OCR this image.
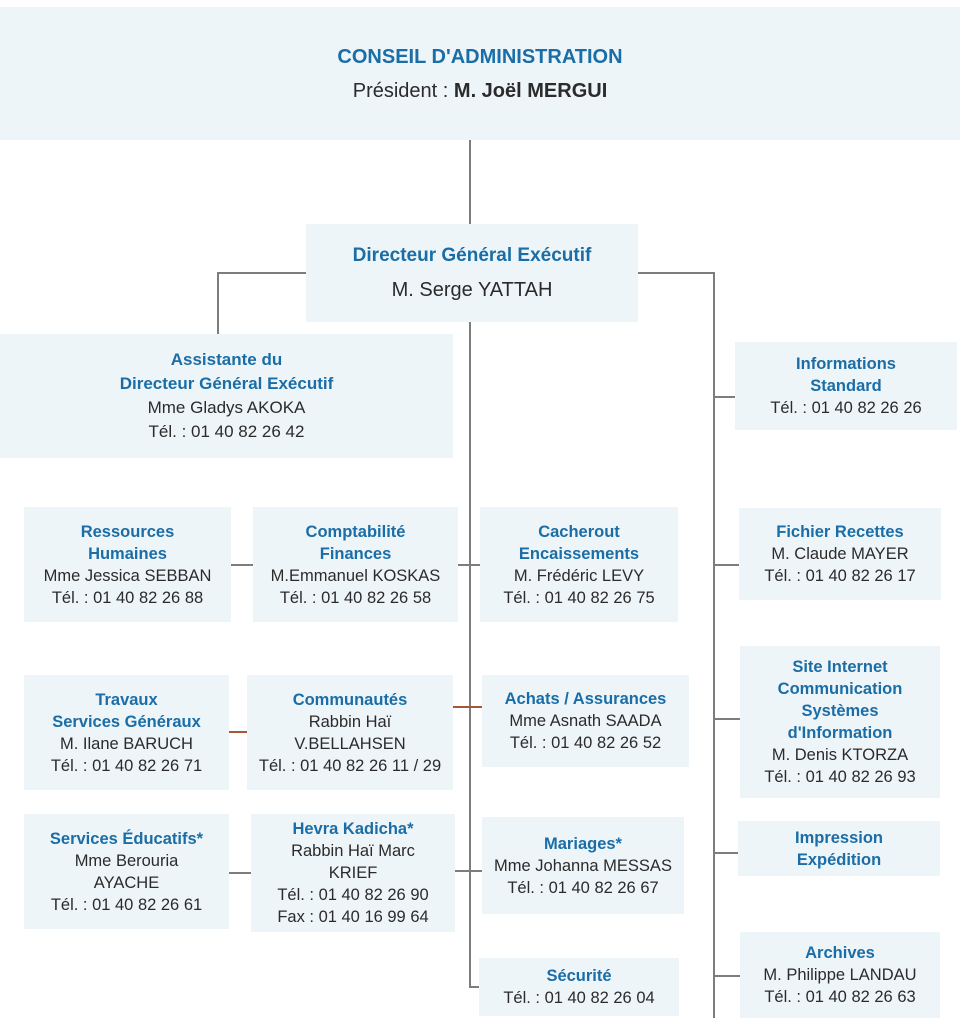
CONSEIL D'ADMINISTRATION
Président : M. Joël MERGUI
Directeur Général Exécutif
M. Serge YATTAH
Assistante du
Directeur Général Exécutif
Mme Gladys AKOKA
Tél. : 01 40 82 26 42
Informations
Standard
Tél. : 01 40 82 26 26
Ressources
Humaines
Mme Jessica SEBBAN
Tél. : 01 40 82 26 88
Comptabilité
Finances
M.Emmanuel KOSKAS
Tél. : 01 40 82 26 58
Cacherout
Encaissements
M. Frédéric LEVY
Tél. : 01 40 82 26 75
Fichier Recettes
M. Claude MAYER
Tél. : 01 40 82 26 17
Travaux
Services Généraux
M. Ilane BARUCH
Tél. : 01 40 82 26 71
Communautés
Rabbin Haï
V.BELLAHSEN
Tél. : 01 40 82 26 11 / 29
Achats / Assurances
Mme Asnath SAADA
Tél. : 01 40 82 26 52
Site Internet
Communication
Systèmes
d'Information
M. Denis KTORZA
Tél. : 01 40 82 26 93
Services Éducatifs*
Mme Berouria
AYACHE
Tél. : 01 40 82 26 61
Hevra Kadicha*
Rabbin Haï Marc
KRIEF
Tél. : 01 40 82 26 90
Fax : 01 40 16 99 64
Mariages*
Mme Johanna MESSAS
Tél. : 01 40 82 26 67
Impression
Expédition
Sécurité
Tél. : 01 40 82 26 04
Archives
M. Philippe LANDAU
Tél. : 01 40 82 26 63
